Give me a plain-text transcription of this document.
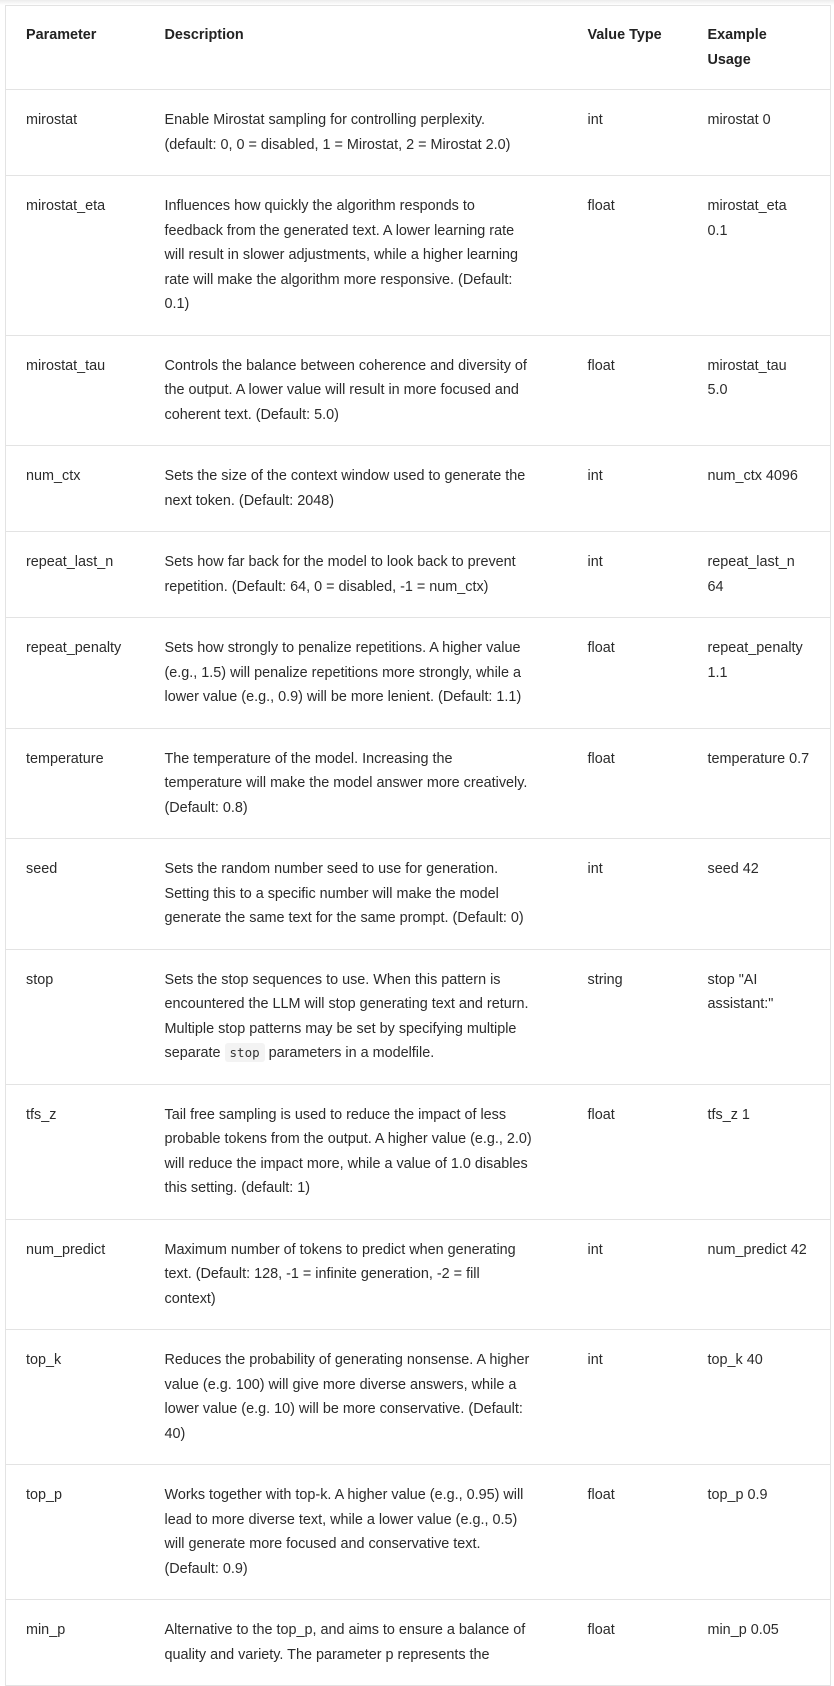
Parameter	Description	Value Type	Example Usage
mirostat	Enable Mirostat sampling for controlling perplexity. (default: 0, 0 = disabled, 1 = Mirostat, 2 = Mirostat 2.0)	int	mirostat 0
mirostat_eta	Influences how quickly the algorithm responds to feedback from the generated text. A lower learning rate will result in slower adjustments, while a higher learning rate will make the algorithm more responsive. (Default: 0.1)	float	mirostat_eta 0.1
mirostat_tau	Controls the balance between coherence and diversity of the output. A lower value will result in more focused and coherent text. (Default: 5.0)	float	mirostat_tau 5.0
num_ctx	Sets the size of the context window used to generate the next token. (Default: 2048)	int	num_ctx 4096
repeat_last_n	Sets how far back for the model to look back to prevent repetition. (Default: 64, 0 = disabled, -1 = num_ctx)	int	repeat_last_n 64
repeat_penalty	Sets how strongly to penalize repetitions. A higher value (e.g., 1.5) will penalize repetitions more strongly, while a lower value (e.g., 0.9) will be more lenient. (Default: 1.1)	float	repeat_penalty 1.1
temperature	The temperature of the model. Increasing the temperature will make the model answer more creatively. (Default: 0.8)	float	temperature 0.7
seed	Sets the random number seed to use for generation. Setting this to a specific number will make the model generate the same text for the same prompt. (Default: 0)	int	seed 42
stop	Sets the stop sequences to use. When this pattern is encountered the LLM will stop generating text and return. Multiple stop patterns may be set by specifying multiple separate stop parameters in a modelfile.	string	stop "AI assistant:"
tfs_z	Tail free sampling is used to reduce the impact of less probable tokens from the output. A higher value (e.g., 2.0) will reduce the impact more, while a value of 1.0 disables this setting. (default: 1)	float	tfs_z 1
num_predict	Maximum number of tokens to predict when generating text. (Default: 128, -1 = infinite generation, -2 = fill context)	int	num_predict 42
top_k	Reduces the probability of generating nonsense. A higher value (e.g. 100) will give more diverse answers, while a lower value (e.g. 10) will be more conservative. (Default: 40)	int	top_k 40
top_p	Works together with top-k. A higher value (e.g., 0.95) will lead to more diverse text, while a lower value (e.g., 0.5) will generate more focused and conservative text. (Default: 0.9)	float	top_p 0.9
min_p	Alternative to the top_p, and aims to ensure a balance of quality and variety. The parameter p represents the	float	min_p 0.05
